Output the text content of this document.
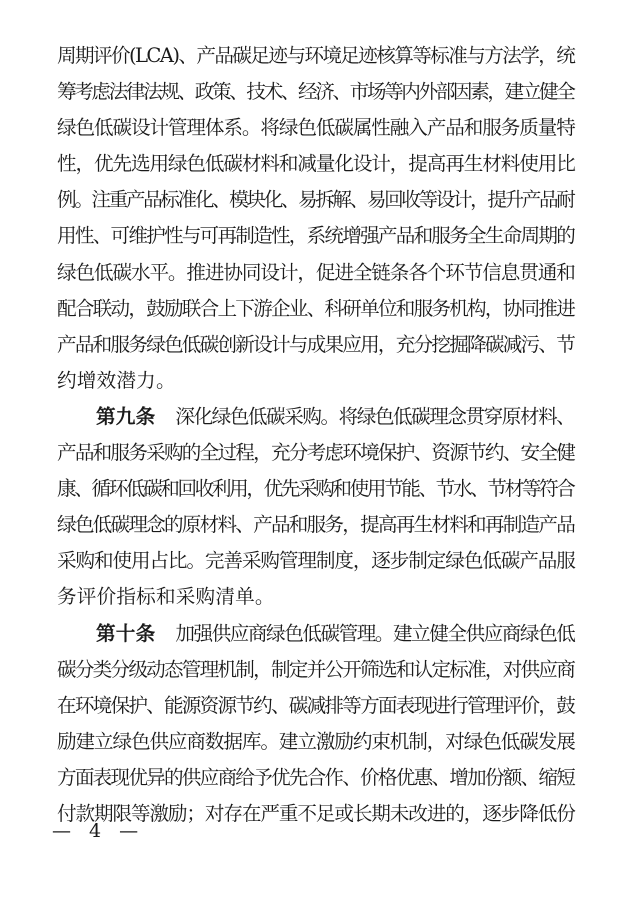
周期评价(LCA)、产品碳足迹与环境足迹核算等标准与方法学，统
筹考虑法律法规、政策、技术、经济、市场等内外部因素，建立健全
绿色低碳设计管理体系。将绿色低碳属性融入产品和服务质量特
性，优先选用绿色低碳材料和减量化设计，提高再生材料使用比
例。注重产品标准化、模块化、易拆解、易回收等设计，提升产品耐
用性、可维护性与可再制造性，系统增强产品和服务全生命周期的
绿色低碳水平。推进协同设计，促进全链条各个环节信息贯通和
配合联动，鼓励联合上下游企业、科研单位和服务机构，协同推进
产品和服务绿色低碳创新设计与成果应用，充分挖掘降碳减污、节
约增效潜力。
第九条 深化绿色低碳采购。将绿色低碳理念贯穿原材料、
产品和服务采购的全过程，充分考虑环境保护、资源节约、安全健
康、循环低碳和回收利用，优先采购和使用节能、节水、节材等符合
绿色低碳理念的原材料、产品和服务，提高再生材料和再制造产品
采购和使用占比。完善采购管理制度，逐步制定绿色低碳产品服
务评价指标和采购清单。
第十条 加强供应商绿色低碳管理。建立健全供应商绿色低
碳分类分级动态管理机制，制定并公开筛选和认定标准，对供应商
在环境保护、能源资源节约、碳减排等方面表现进行管理评价，鼓
励建立绿色供应商数据库。建立激励约束机制，对绿色低碳发展
方面表现优异的供应商给予优先合作、价格优惠、增加份额、缩短
付款期限等激励；对存在严重不足或长期未改进的，逐步降低份
— 4 —
